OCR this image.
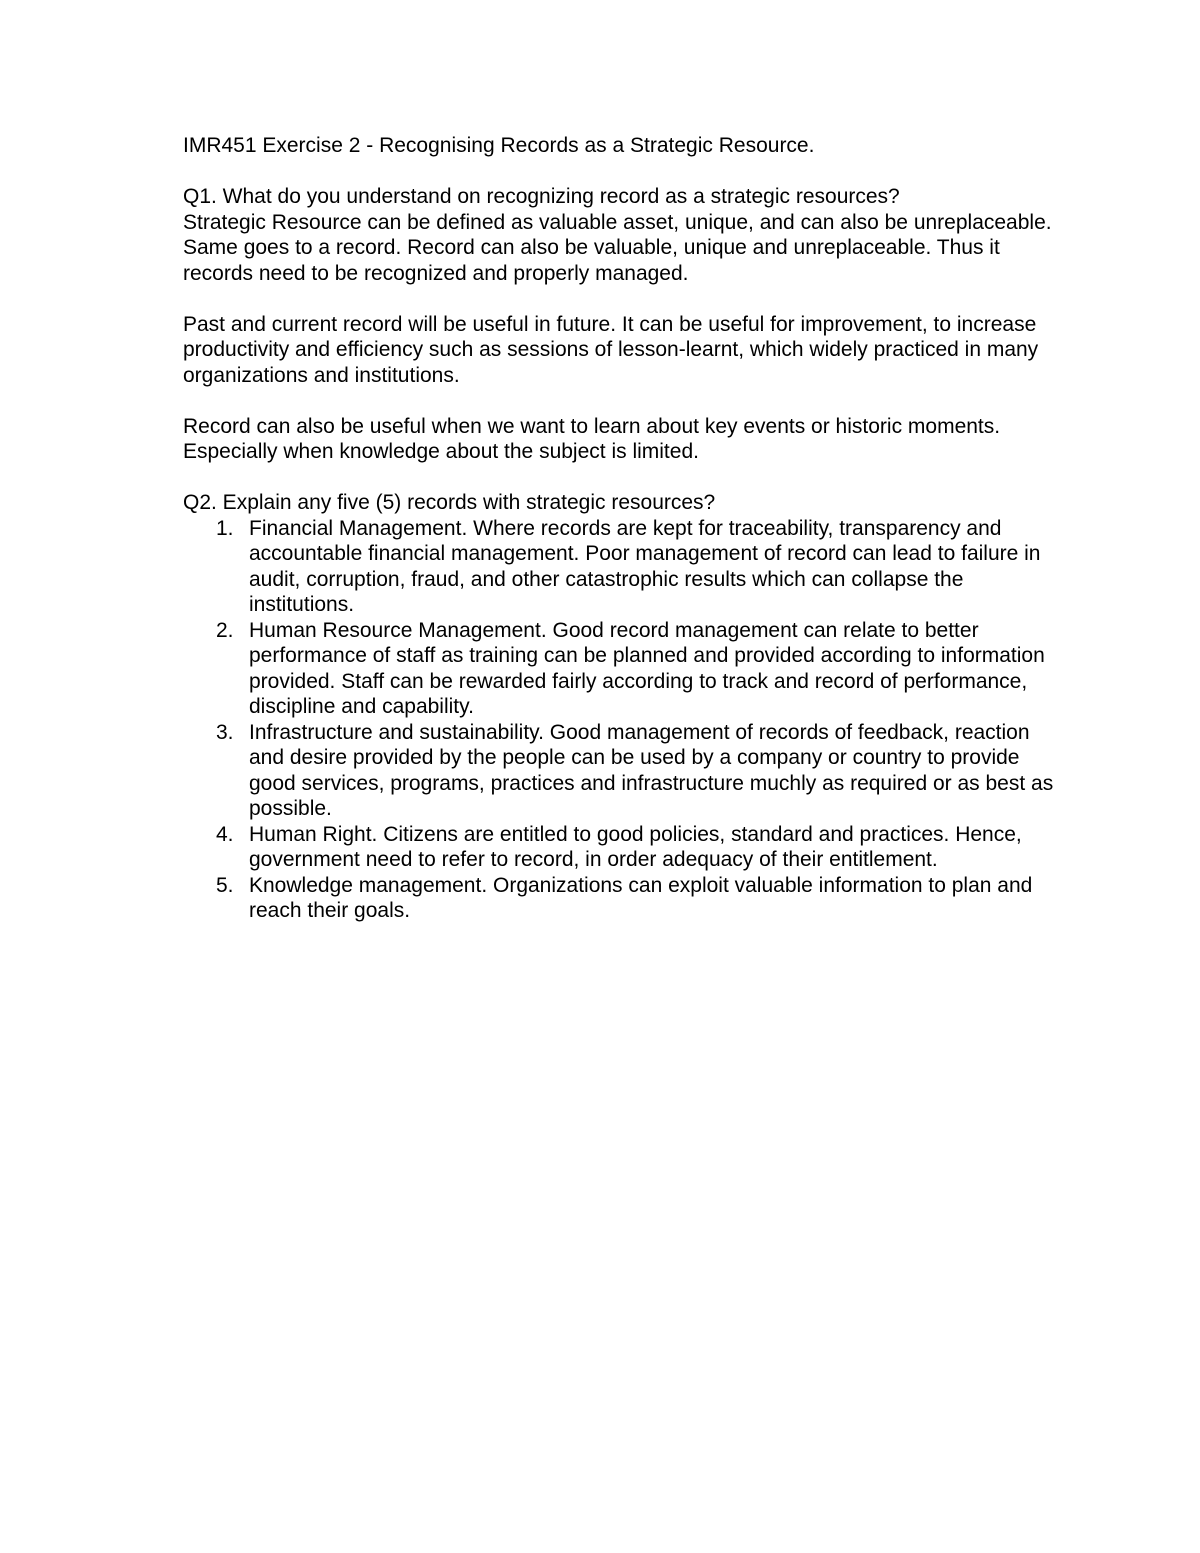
IMR451 Exercise 2 - Recognising Records as a Strategic Resource.

Q1. What do you understand on recognizing record as a strategic resources?

Strategic Resource can be defined as valuable asset, unique, and can also be unreplaceable. Same goes to a record. Record can also be valuable, unique and unreplaceable. Thus it records need to be recognized and properly managed.

Past and current record will be useful in future. It can be useful for improvement, to increase productivity and efficiency such as sessions of lesson-learnt, which widely practiced in many organizations and institutions.

Record can also be useful when we want to learn about key events or historic moments. Especially when knowledge about the subject is limited.

Q2. Explain any five (5) records with strategic resources?

1. Financial Management. Where records are kept for traceability, transparency and accountable financial management. Poor management of record can lead to failure in audit, corruption, fraud, and other catastrophic results which can collapse the institutions.
2. Human Resource Management. Good record management can relate to better performance of staff as training can be planned and provided according to information provided. Staff can be rewarded fairly according to track and record of performance, discipline and capability.
3. Infrastructure and sustainability. Good management of records of feedback, reaction and desire provided by the people can be used by a company or country to provide good services, programs, practices and infrastructure muchly as required or as best as possible.
4. Human Right. Citizens are entitled to good policies, standard and practices. Hence, government need to refer to record, in order adequacy of their entitlement.
5. Knowledge management. Organizations can exploit valuable information to plan and reach their goals.
